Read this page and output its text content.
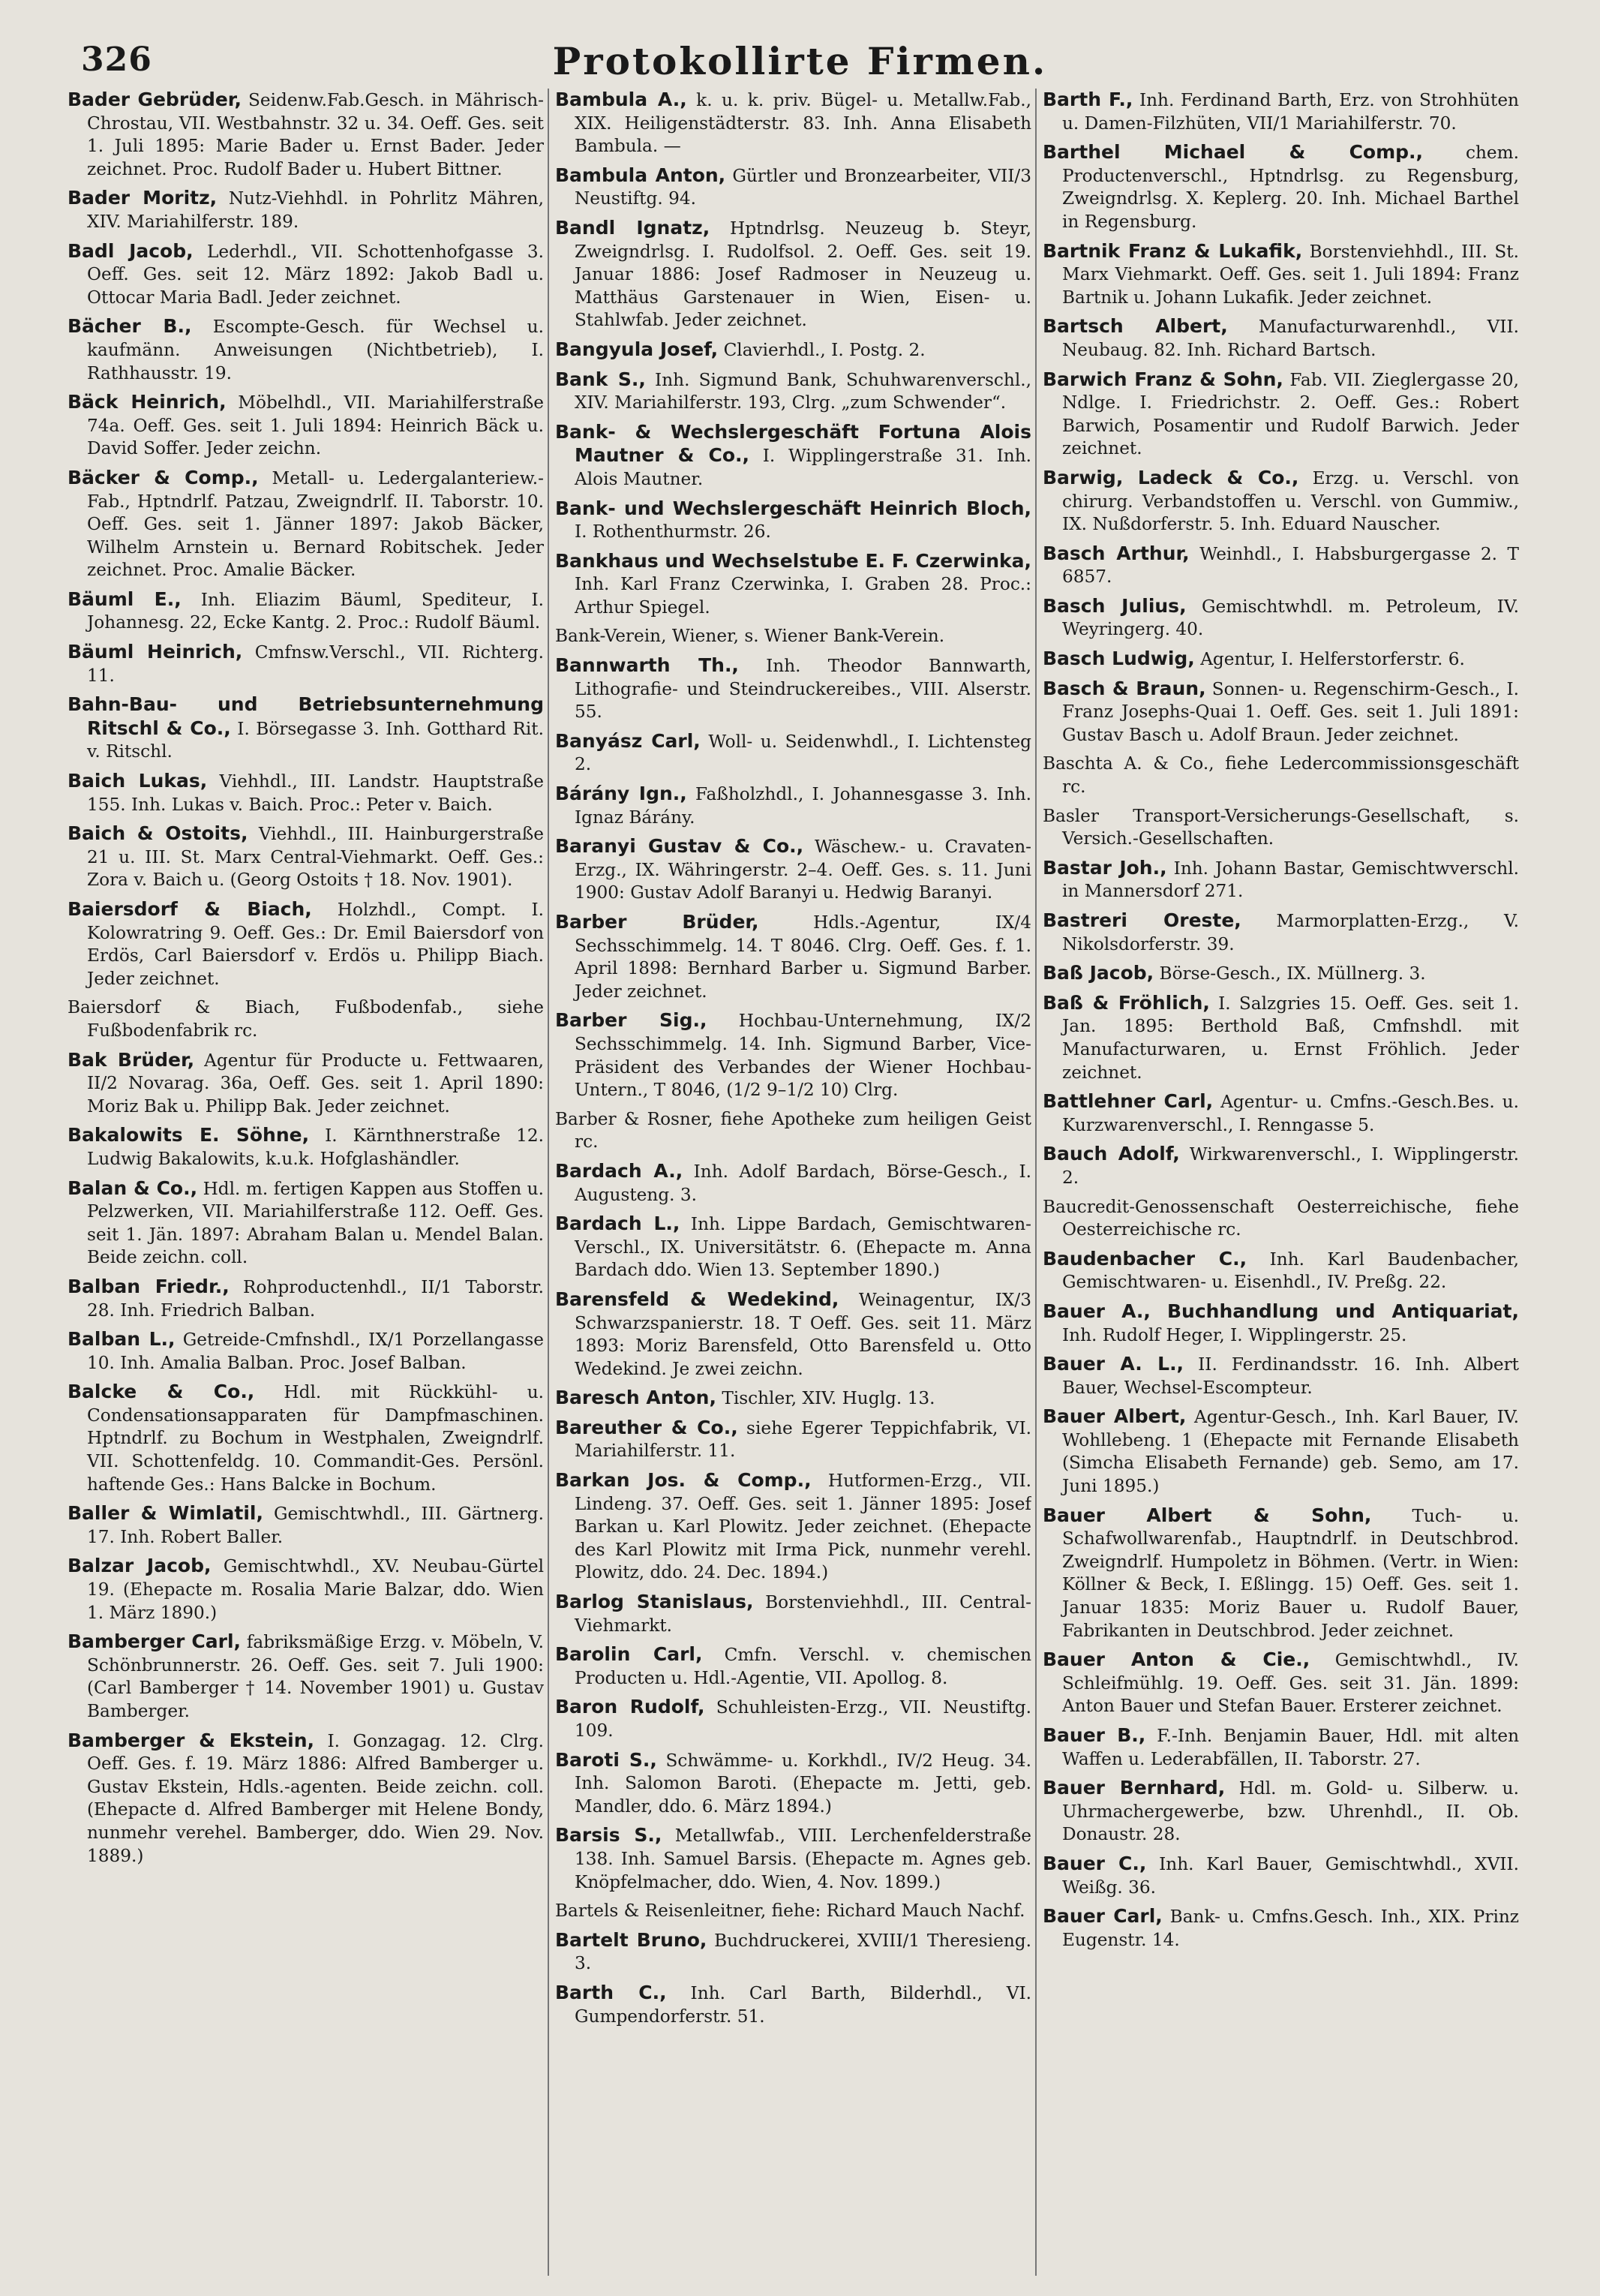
326	Protokollirte Firmen.

Bader Gebrüder, Seidenw.Fab.Gesch. in Mährisch-Chrostau, VII. Westbahnstr. 32 u. 34. Oeff. Ges. seit 1. Juli 1895: Marie Bader u. Ernst Bader. Jeder zeichnet. Proc. Rudolf Bader u. Hubert Bittner.

Bader Moritz, Nutz-Viehhdl. in Pohrlitz Mähren, XIV. Mariahilferstr. 189.

Badl Jacob, Lederhdl., VII. Schottenhofgasse 3. Oeff. Ges. seit 12. März 1892: Jakob Badl u. Ottocar Maria Badl. Jeder zeichnet.

Bächer B., Escompte-Gesch. für Wechsel u. kaufmänn. Anweisungen (Nichtbetrieb), I. Rathhausstr. 19.

Bäck Heinrich, Möbelhdl., VII. Mariahilferstraße 74a. Oeff. Ges. seit 1. Juli 1894: Heinrich Bäck u. David Soffer. Jeder zeichn.

Bäcker & Comp., Metall- u. Ledergalanteriew.-Fab., Hptndrlf. Patzau, Zweigndrlf. II. Taborstr. 10. Oeff. Ges. seit 1. Jänner 1897: Jakob Bäcker, Wilhelm Arnstein u. Bernard Robitschek. Jeder zeichnet. Proc. Amalie Bäcker.

Bäuml E., Inh. Eliazim Bäuml, Spediteur, I. Johannesg. 22, Ecke Kantg. 2. Proc.: Rudolf Bäuml.

Bäuml Heinrich, Cmfnsw.Verschl., VII. Richterg. 11.

Bahn-Bau- und Betriebsunternehmung Ritschl & Co., I. Börsegasse 3. Inh. Gotthard Rit. v. Ritschl.

Baich Lukas, Viehhdl., III. Landstr. Hauptstraße 155. Inh. Lukas v. Baich. Proc.: Peter v. Baich.

Baich & Ostoits, Viehhdl., III. Hainburgerstraße 21 u. III. St. Marx Central-Viehmarkt. Oeff. Ges.: Zora v. Baich u. (Georg Ostoits † 18. Nov. 1901).

Baiersdorf & Biach, Holzhdl., Compt. I. Kolowratring 9. Oeff. Ges.: Dr. Emil Baiersdorf von Erdös, Carl Baiersdorf v. Erdös u. Philipp Biach. Jeder zeichnet.

Baiersdorf & Biach, Fußbodenfab., siehe Fußbodenfabrik rc.

Bak Brüder, Agentur für Producte u. Fettwaaren, II/2 Novarag. 36a, Oeff. Ges. seit 1. April 1890: Moriz Bak u. Philipp Bak. Jeder zeichnet.

Bakalowits E. Söhne, I. Kärnthnerstraße 12. Ludwig Bakalowits, k.u.k. Hofglashändler.

Balan & Co., Hdl. m. fertigen Kappen aus Stoffen u. Pelzwerken, VII. Mariahilferstraße 112. Oeff. Ges. seit 1. Jän. 1897: Abraham Balan u. Mendel Balan. Beide zeichn. coll.

Balban Friedr., Rohproductenhdl., II/1 Taborstr. 28. Inh. Friedrich Balban.

Balban L., Getreide-Cmfnshdl., IX/1 Porzellangasse 10. Inh. Amalia Balban. Proc. Josef Balban.

Balcke & Co., Hdl. mit Rückkühl- u. Condensationsapparaten für Dampfmaschinen. Hptndrlf. zu Bochum in Westphalen, Zweigndrlf. VII. Schottenfeldg. 10. Commandit-Ges. Persönl. haftende Ges.: Hans Balcke in Bochum.

Baller & Wimlatil, Gemischtwhdl., III. Gärtnerg. 17. Inh. Robert Baller.

Balzar Jacob, Gemischtwhdl., XV. Neubau-Gürtel 19. (Ehepacte m. Rosalia Marie Balzar, ddo. Wien 1. März 1890.)

Bamberger Carl, fabriksmäßige Erzg. v. Möbeln, V. Schönbrunnerstr. 26. Oeff. Ges. seit 7. Juli 1900: (Carl Bamberger † 14. November 1901) u. Gustav Bamberger.

Bamberger & Ekstein, I. Gonzagag. 12. Clrg. Oeff. Ges. f. 19. März 1886: Alfred Bamberger u. Gustav Ekstein, Hdls.-agenten. Beide zeichn. coll. (Ehepacte d. Alfred Bamberger mit Helene Bondy, nunmehr verehel. Bamberger, ddo. Wien 29. Nov. 1889.)

Bambula A., k. u. k. priv. Bügel- u. Metallw.Fab., XIX. Heiligenstädterstr. 83. Inh. Anna Elisabeth Bambula. —

Bambula Anton, Gürtler und Bronzearbeiter, VII/3 Neustiftg. 94.

Bandl Ignatz, Hptndrlsg. Neuzeug b. Steyr, Zweigndrlsg. I. Rudolfsol. 2. Oeff. Ges. seit 19. Januar 1886: Josef Radmoser in Neuzeug u. Matthäus Garstenauer in Wien, Eisen- u. Stahlwfab. Jeder zeichnet.

Bangyula Josef, Clavierhdl., I. Postg. 2.

Bank S., Inh. Sigmund Bank, Schuhwarenverschl., XIV. Mariahilferstr. 193, Clrg. „zum Schwender“.

Bank- & Wechslergeschäft Fortuna Alois Mautner & Co., I. Wipplingerstraße 31. Inh. Alois Mautner.

Bank- und Wechslergeschäft Heinrich Bloch, I. Rothenthurmstr. 26.

Bankhaus und Wechselstube E. F. Czerwinka, Inh. Karl Franz Czerwinka, I. Graben 28. Proc.: Arthur Spiegel.

Bank-Verein, Wiener, s. Wiener Bank-Verein.

Bannwarth Th., Inh. Theodor Bannwarth, Lithografie- und Steindruckereibes., VIII. Alserstr. 55.

Banyász Carl, Woll- u. Seidenwhdl., I. Lichtensteg 2.

Bárány Ign., Faßholzhdl., I. Johannesgasse 3. Inh. Ignaz Bárány.

Baranyi Gustav & Co., Wäschew.- u. Cravaten-Erzg., IX. Währingerstr. 2–4. Oeff. Ges. s. 11. Juni 1900: Gustav Adolf Baranyi u. Hedwig Baranyi.

Barber Brüder,	Hdls.-Agentur, IX/4 Sechsschimmelg. 14. T 8046. Clrg. Oeff. Ges. f. 1. April 1898: Bernhard Barber u. Sigmund Barber. Jeder zeichnet.

Barber Sig., Hochbau-Unternehmung, IX/2 Sechsschimmelg. 14. Inh. Sigmund Barber, Vice-Präsident des Verbandes der Wiener Hochbau-Untern., T 8046, (1/2 9–1/2 10) Clrg.

Barber & Rosner, fiehe Apotheke zum heiligen Geist rc.

Bardach A., Inh. Adolf Bardach, Börse-Gesch., I. Augusteng. 3.

Bardach L., Inh. Lippe Bardach, Gemischtwaren-Verschl., IX. Universitätstr. 6. (Ehepacte m. Anna Bardach ddo. Wien 13. September 1890.)

Barensfeld & Wedekind, Weinagentur, IX/3 Schwarzspanierstr. 18. T Oeff. Ges. seit 11. März 1893: Moriz Barensfeld, Otto Barensfeld u. Otto Wedekind. Je zwei zeichn.

Baresch Anton, Tischler, XIV. Huglg. 13.

Bareuther & Co., siehe Egerer Teppichfabrik, VI. Mariahilferstr. 11.

Barkan Jos. & Comp., Hutformen-Erzg., VII. Lindeng. 37. Oeff. Ges. seit 1. Jänner 1895: Josef Barkan u. Karl Plowitz. Jeder zeichnet. (Ehepacte des Karl Plowitz mit Irma Pick, nunmehr verehl. Plowitz, ddo. 24. Dec. 1894.)

Barlog Stanislaus, Borstenviehhdl., III. Central-Viehmarkt.

Barolin Carl, Cmfn. Verschl. v. chemischen Producten u. Hdl.-Agentie, VII. Apollog. 8.

Baron Rudolf, Schuhleisten-Erzg., VII. Neustiftg. 109.

Baroti S., Schwämme- u. Korkhdl., IV/2 Heug. 34. Inh. Salomon Baroti. (Ehepacte m. Jetti, geb. Mandler, ddo. 6. März 1894.)

Barsis S., Metallwfab., VIII. Lerchenfelderstraße 138. Inh. Samuel Barsis. (Ehepacte m. Agnes geb. Knöpfelmacher, ddo. Wien, 4. Nov. 1899.)

Bartels & Reisenleitner, fiehe: Richard Mauch Nachf.

Bartelt Bruno, Buchdruckerei, XVIII/1 Theresieng. 3.

Barth C., Inh. Carl Barth, Bilderhdl., VI. Gumpendorferstr. 51.

Barth F., Inh. Ferdinand Barth, Erz. von Strohhüten u. Damen-Filzhüten, VII/1 Mariahilferstr. 70.

Barthel Michael & Comp., chem. Productenverschl., Hptndrlsg. zu Regensburg, Zweigndrlsg. X. Keplerg. 20. Inh. Michael Barthel in Regensburg.

Bartnik Franz & Lukafik, Borstenviehhdl., III. St. Marx Viehmarkt. Oeff. Ges. seit 1. Juli 1894: Franz Bartnik u. Johann Lukafik. Jeder zeichnet.

Bartsch Albert, Manufacturwarenhdl., VII. Neubaug. 82. Inh. Richard Bartsch.

Barwich Franz & Sohn, Fab. VII. Zieglergasse 20, Ndlge. I. Friedrichstr. 2. Oeff. Ges.: Robert Barwich, Posamentir und Rudolf Barwich. Jeder zeichnet.

Barwig, Ladeck & Co., Erzg. u. Verschl. von chirurg. Verbandstoffen u. Verschl. von Gummiw., IX. Nußdorferstr. 5. Inh. Eduard Nauscher.

Basch Arthur, Weinhdl., I. Habsburgergasse 2. T 6857.

Basch Julius, Gemischtwhdl. m. Petroleum, IV. Weyringerg. 40.

Basch Ludwig, Agentur, I. Helferstorferstr. 6.

Basch & Braun, Sonnen- u. Regenschirm-Gesch., I. Franz Josephs-Quai 1. Oeff. Ges. seit 1. Juli 1891: Gustav Basch u. Adolf Braun. Jeder zeichnet.

Baschta A. & Co., fiehe Ledercommissionsgeschäft rc.

Basler Transport-Versicherungs-Gesellschaft, s. Versich.-Gesellschaften.

Bastar Joh., Inh. Johann Bastar, Gemischtwverschl. in Mannersdorf 271.

Bastreri Oreste, Marmorplatten-Erzg., V. Nikolsdorferstr. 39.

Baß Jacob, Börse-Gesch., IX. Müllnerg. 3.

Baß & Fröhlich, I. Salzgries 15. Oeff. Ges. seit 1. Jan. 1895: Berthold Baß, Cmfnshdl. mit Manufacturwaren, u. Ernst Fröhlich. Jeder zeichnet.

Battlehner Carl, Agentur- u. Cmfns.-Gesch.Bes. u. Kurzwarenverschl., I. Renngasse 5.

Bauch Adolf, Wirkwarenverschl., I. Wipplingerstr. 2.

Baucredit-Genossenschaft Oesterreichische, fiehe Oesterreichische rc.

Baudenbacher C., Inh. Karl Baudenbacher, Gemischtwaren- u. Eisenhdl., IV. Preßg. 22.

Bauer A., Buchhandlung und Antiquariat, Inh. Rudolf Heger, I. Wipplingerstr. 25.

Bauer A. L., II. Ferdinandsstr. 16. Inh. Albert Bauer, Wechsel-Escompteur.

Bauer Albert, Agentur-Gesch., Inh. Karl Bauer, IV. Wohllebeng. 1 (Ehepacte mit Fernande Elisabeth (Simcha Elisabeth Fernande) geb. Semo, am 17. Juni 1895.)

Bauer Albert & Sohn, Tuch- u. Schafwollwarenfab., Hauptndrlf. in Deutschbrod. Zweigndrlf. Humpoletz in Böhmen. (Vertr. in Wien: Köllner & Beck, I. Eßlingg. 15) Oeff. Ges. seit 1. Januar 1835: Moriz Bauer u. Rudolf Bauer, Fabrikanten in Deutschbrod. Jeder zeichnet.

Bauer Anton & Cie., Gemischtwhdl., IV. Schleifmühlg. 19. Oeff. Ges. seit 31. Jän. 1899: Anton Bauer und Stefan Bauer. Ersterer zeichnet.

Bauer B., F.-Inh. Benjamin Bauer, Hdl. mit alten Waffen u. Lederabfällen, II. Taborstr. 27.

Bauer Bernhard, Hdl. m. Gold- u. Silberw. u. Uhrmachergewerbe, bzw. Uhrenhdl., II. Ob. Donaustr. 28.

Bauer C., Inh. Karl Bauer, Gemischtwhdl., XVII. Weißg. 36.

Bauer Carl, Bank- u. Cmfns.Gesch. Inh., XIX. Prinz Eugenstr. 14.
